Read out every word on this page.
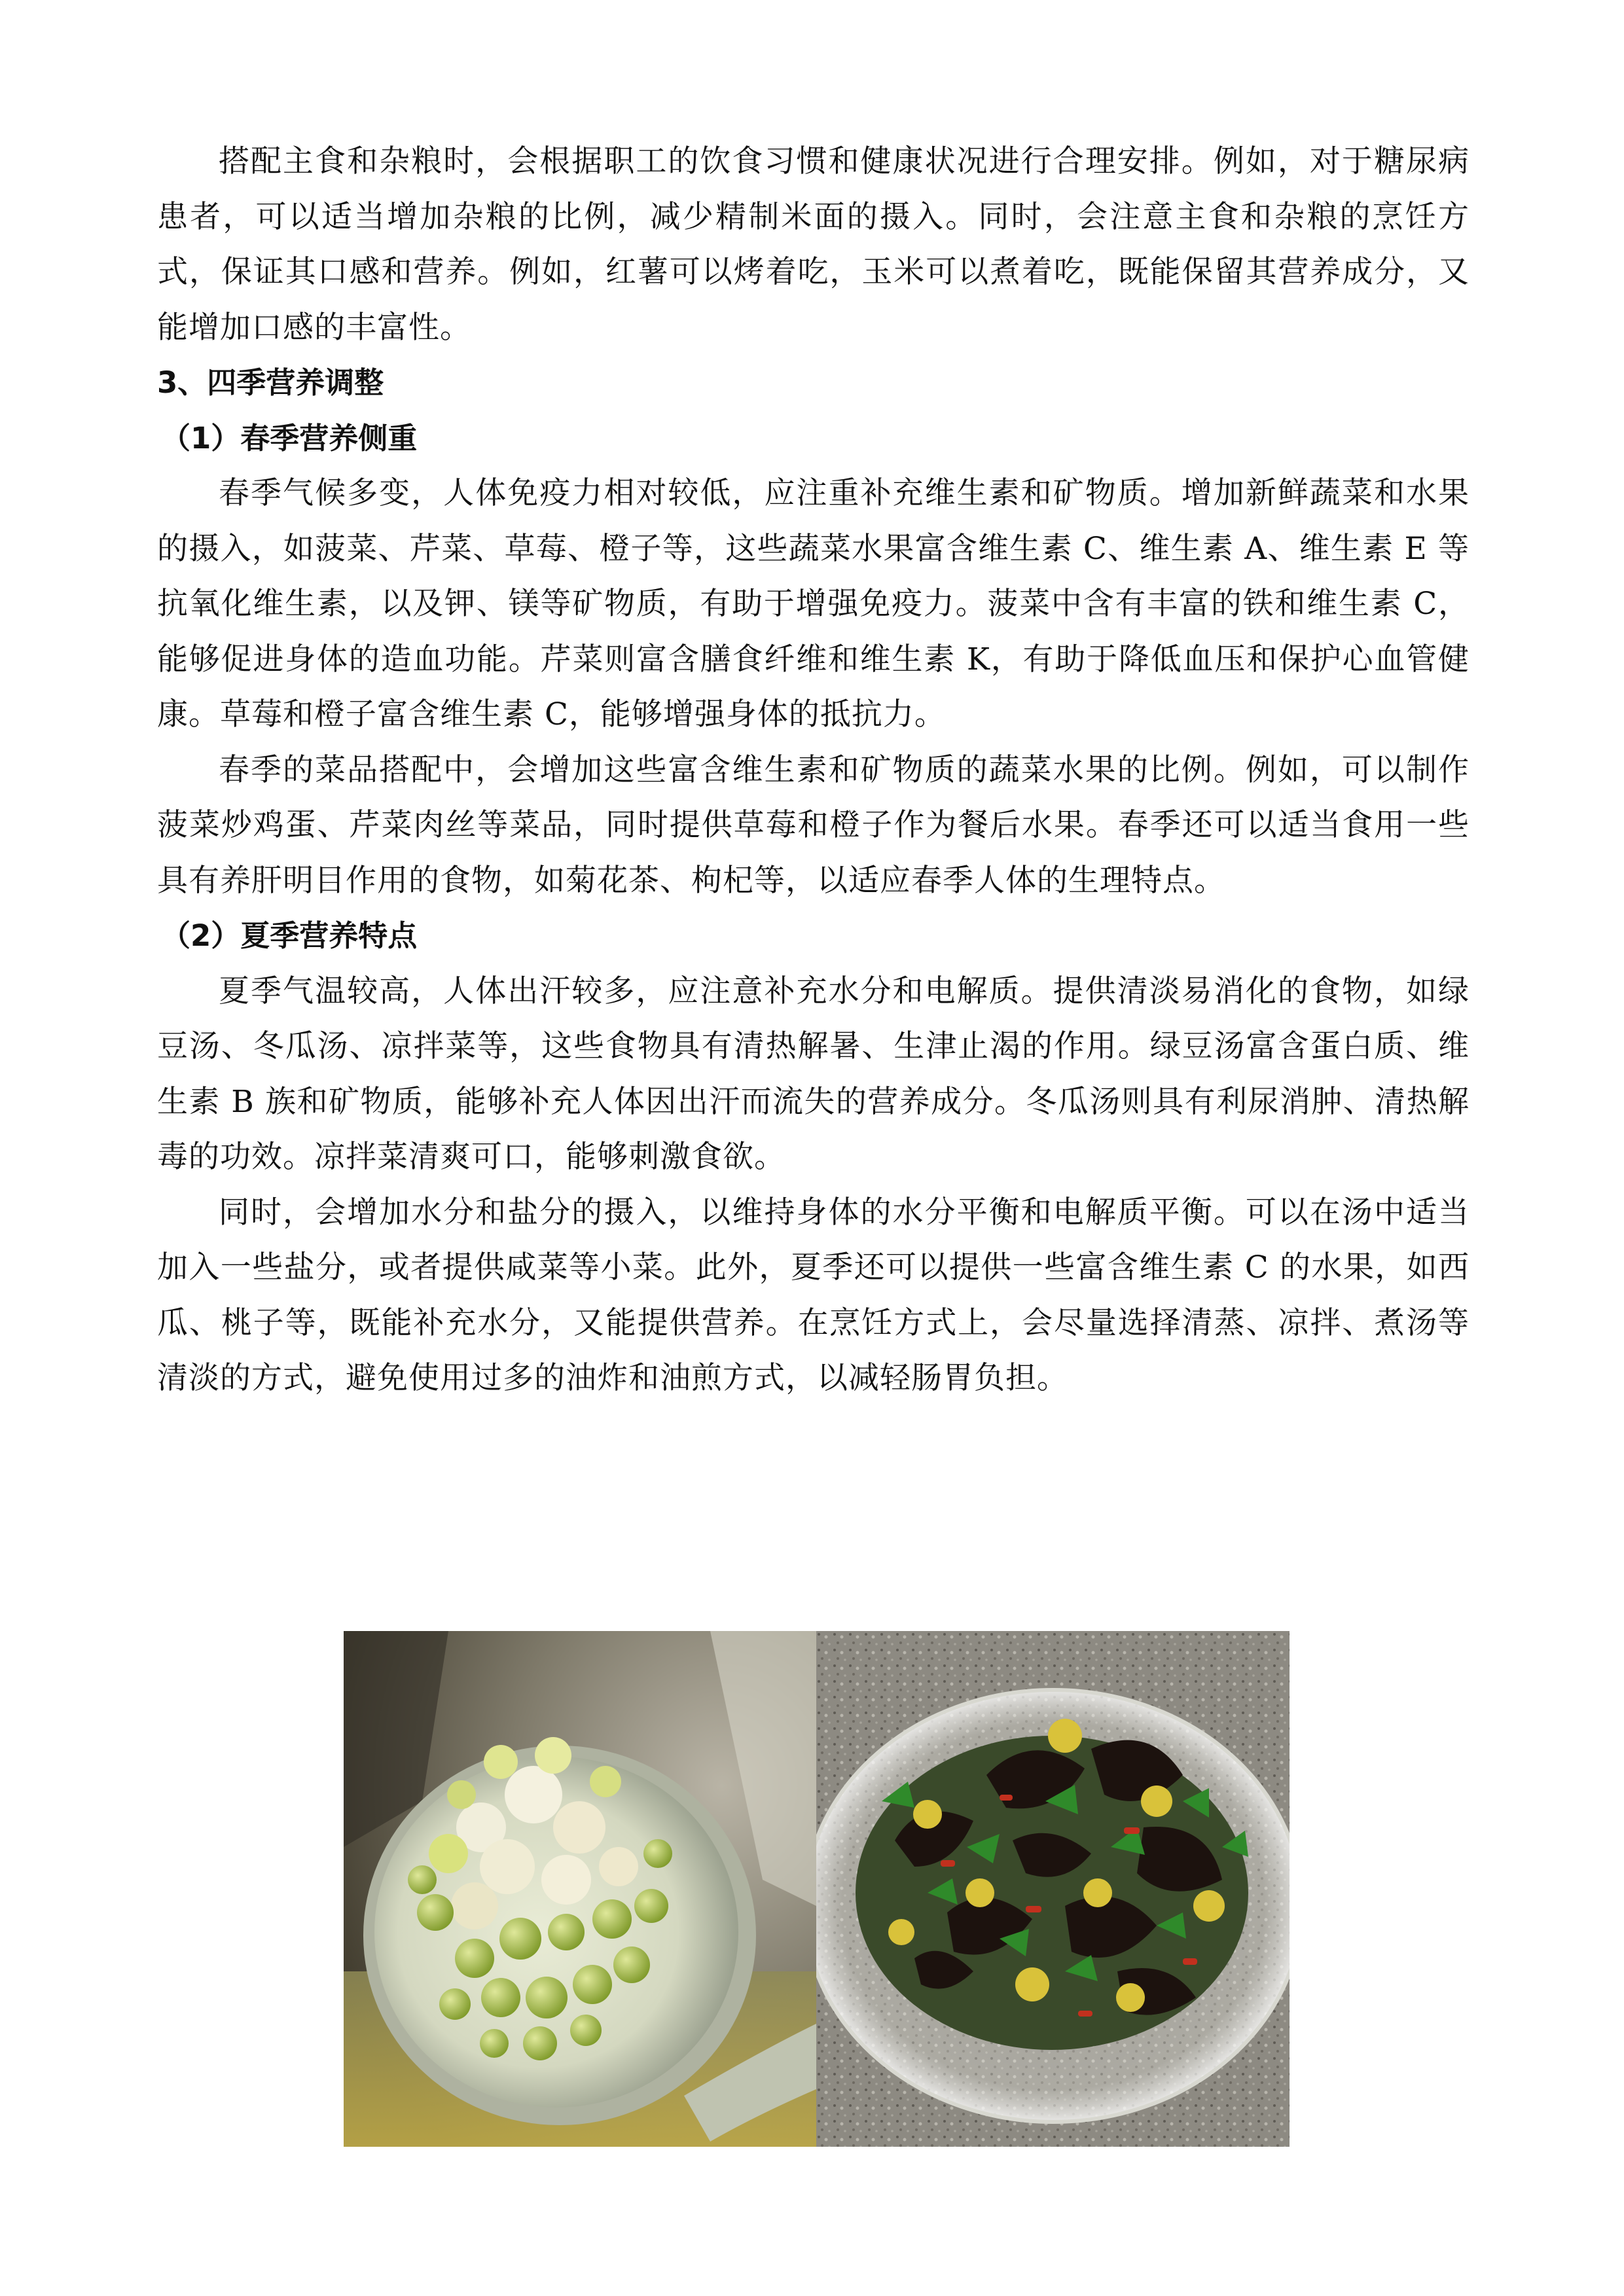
搭配主食和杂粮时，会根据职工的饮食习惯和健康状况进行合理安排。例如，对于糖尿病患者，可以适当增加杂粮的比例，减少精制米面的摄入。同时，会注意主食和杂粮的烹饪方式，保证其口感和营养。例如，红薯可以烤着吃，玉米可以煮着吃，既能保留其营养成分，又能增加口感的丰富性。

3、四季营养调整

（1）春季营养侧重

春季气候多变，人体免疫力相对较低，应注重补充维生素和矿物质。增加新鲜蔬菜和水果的摄入，如菠菜、芹菜、草莓、橙子等，这些蔬菜水果富含维生素 C、维生素 A、维生素 E 等抗氧化维生素，以及钾、镁等矿物质，有助于增强免疫力。菠菜中含有丰富的铁和维生素 C，能够促进身体的造血功能。芹菜则富含膳食纤维和维生素 K，有助于降低血压和保护心血管健康。草莓和橙子富含维生素 C，能够增强身体的抵抗力。

春季的菜品搭配中，会增加这些富含维生素和矿物质的蔬菜水果的比例。例如，可以制作菠菜炒鸡蛋、芹菜肉丝等菜品，同时提供草莓和橙子作为餐后水果。春季还可以适当食用一些具有养肝明目作用的食物，如菊花茶、枸杞等，以适应春季人体的生理特点。

（2）夏季营养特点

夏季气温较高，人体出汗较多，应注意补充水分和电解质。提供清淡易消化的食物，如绿豆汤、冬瓜汤、凉拌菜等，这些食物具有清热解暑、生津止渴的作用。绿豆汤富含蛋白质、维生素 B 族和矿物质，能够补充人体因出汗而流失的营养成分。冬瓜汤则具有利尿消肿、清热解毒的功效。凉拌菜清爽可口，能够刺激食欲。

同时，会增加水分和盐分的摄入，以维持身体的水分平衡和电解质平衡。可以在汤中适当加入一些盐分，或者提供咸菜等小菜。此外，夏季还可以提供一些富含维生素 C 的水果，如西瓜、桃子等，既能补充水分，又能提供营养。在烹饪方式上，会尽量选择清蒸、凉拌、煮汤等清淡的方式，避免使用过多的油炸和油煎方式，以减轻肠胃负担。
